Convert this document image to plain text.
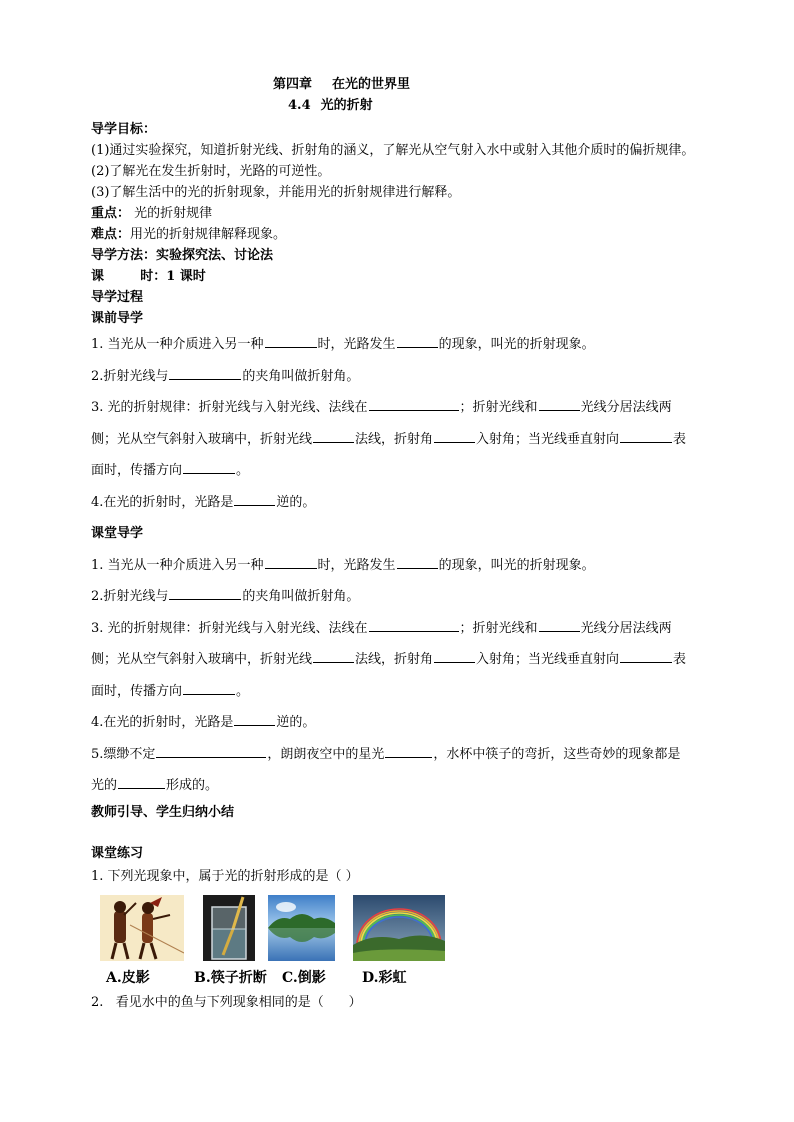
第四章 在光的世界里
4.4 光的折射
导学目标：
(1)通过实验探究，知道折射光线、折射角的涵义，了解光从空气射入水中或射入其他介质时的偏折规律。
(2)了解光在发生折射时，光路的可逆性。
(3)了解生活中的光的折射现象，并能用光的折射规律进行解释。
重点： 光的折射规律
难点：用光的折射规律解释现象。
导学方法：实验探究法、讨论法
课        时：1 课时
导学过程
课前导学
1. 当光从一种介质进入另一种	时，光路发生	的现象，叫光的折射现象。
2.折射光线与	的夹角叫做折射角。
3. 光的折射规律：折射光线与入射光线、法线在	；折射光线和	光线分居法线两
侧；光从空气斜射入玻璃中，折射光线	法线，折射角	入射角；当光线垂直射向	表
面时，传播方向	。
4.在光的折射时，光路是	逆的。
课堂导学
1. 当光从一种介质进入另一种	时，光路发生	的现象，叫光的折射现象。
2.折射光线与	的夹角叫做折射角。
3. 光的折射规律：折射光线与入射光线、法线在	；折射光线和	光线分居法线两
侧；光从空气斜射入玻璃中，折射光线	法线，折射角	入射角；当光线垂直射向	表
面时，传播方向	。
4.在光的折射时，光路是	逆的。
5.缥缈不定	，朗朗夜空中的星光	，水杯中筷子的弯折，这些奇妙的现象都是
光的	形成的。
教师引导、学生归纳小结
课堂练习
1. 下列光现象中，属于光的折射形成的是（ ）
A.皮影	B.筷子折断 C.倒影	D.彩虹
2.   看见水中的鱼与下列现象相同的是（      ）
